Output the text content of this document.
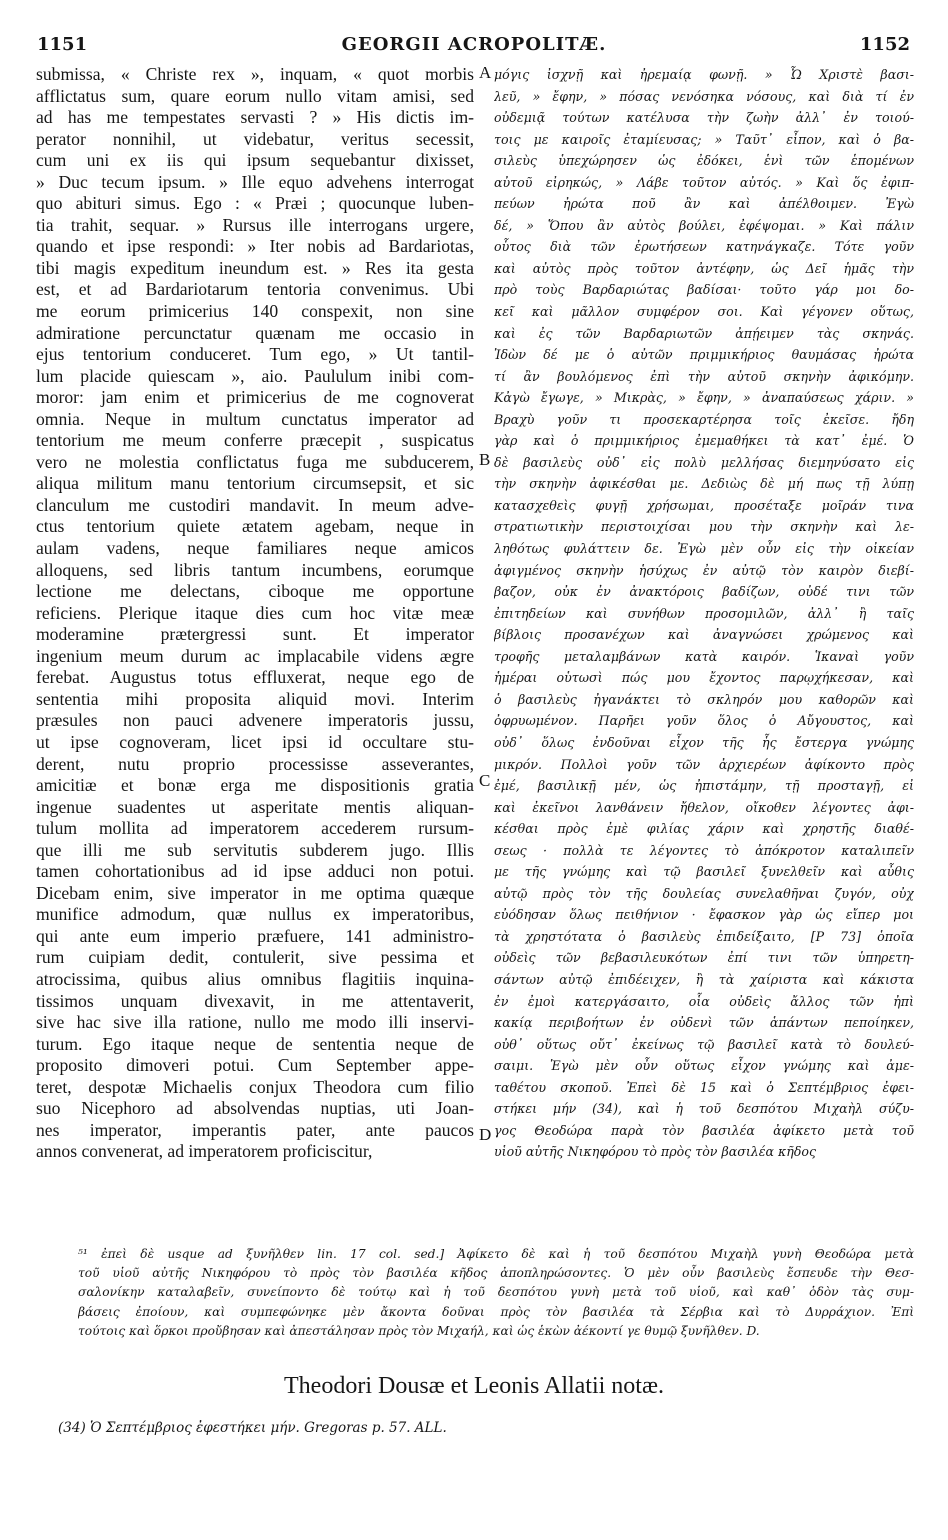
1151	GEORGII ACROPOLITÆ.	1152
submissa, « Christe rex », inquam, « quot morbis
afflictatus sum, quare eorum nullo vitam amisi, sed
ad has me tempestates servasti ? » His dictis im-
perator nonnihil, ut videbatur, veritus secessit,
cum uni ex iis qui ipsum sequebantur dixisset,
» Duc tecum ipsum. » Ille equo advehens interrogat
quo abituri simus. Ego : « Præi ; quocunque luben-
tia trahit, sequar. » Rursus ille interrogans urgere,
quando et ipse respondi: » Iter nobis ad Bardariotas,
tibi magis expeditum ineundum est. » Res ita gesta
est, et ad Bardariotarum tentoria convenimus. Ubi
me eorum primicerius 140 conspexit, non sine
admiratione percunctatur quænam me occasio in
ejus tentorium conduceret. Tum ego, » Ut tantil-
lum placide quiescam », aio. Paululum inibi com-
moror: jam enim et primicerius de me cognoverat
omnia. Neque in multum cunctatus imperator ad
tentorium me meum conferre præcepit , suspicatus
vero ne molestia conflictatus fuga me subducerem,
aliqua militum manu tentorium circumsepsit, et sic
clanculum me custodiri mandavit. In meum adve-
ctus tentorium quiete ætatem agebam, neque in
aulam vadens, neque familiares neque amicos
alloquens, sed libris tantum incumbens, eorumque
lectione me delectans, ciboque me opportune
reficiens. Plerique itaque dies cum hoc vitæ meæ
moderamine prætergressi sunt. Et imperator
ingenium meum durum ac implacabile videns ægre
ferebat. Augustus totus effluxerat, neque ego de
sententia mihi proposita aliquid movi. Interim
præsules non pauci advenere imperatoris jussu,
ut ipse cognoveram, licet ipsi id occultare stu-
derent, nutu proprio processisse asseverantes,
amicitiæ et bonæ erga me dispositionis gratia
ingenue suadentes ut asperitate mentis aliquan-
tulum mollita ad imperatorem accederem rursum-
que illi me sub servitutis subderem jugo. Illis
tamen cohortationibus ad id ipse adduci non potui.
Dicebam enim, sive imperator in me optima quæque
munifice admodum, quæ nullus ex imperatoribus,
qui ante eum imperio præfuere, 141 administro-
rum cuipiam dedit, contulerit, sive pessima et
atrocissima, quibus alius omnibus flagitiis inquina-
tissimos unquam divexavit, in me attentaverit,
sive hac sive illa ratione, nullo me modo illi inservi-
turum. Ego itaque neque de sententia neque de
proposito dimoveri potui. Cum September appe-
teret, despotæ Michaelis conjux Theodora cum filio
suo Nicephoro ad absolvendas nuptias, uti Joan-
nes imperator, imperantis pater, ante paucos
annos convenerat, ad imperatorem proficiscitur,
μόγις ἰσχνῇ καὶ ἠρεμαίᾳ φωνῇ. » Ὦ Χριστὲ βασι-
λεῦ, » ἔφην, » πόσας νενόσηκα νόσους, καὶ διὰ τί ἐν
οὐδεμιᾷ τούτων κατέλυσα τὴν ζωὴν ἀλλ᾽ ἐν τοιού-
τοις με καιροῖς ἐταμίευσας; » Ταῦτ᾽ εἶπον, καὶ ὁ βα-
σιλεὺς ὑπεχώρησεν ὡς ἐδόκει, ἑνὶ τῶν ἑπομένων
αὐτοῦ εἰρηκώς, » Λάβε τοῦτον αὐτός. » Καὶ ὅς ἐφιπ-
πεύων ἠρώτα ποῦ ἂν καὶ ἀπέλθοιμεν. Ἐγὼ
δέ, » Ὅπου ἂν αὐτὸς βούλει, ἐφέψομαι. » Καὶ πάλιν
οὗτος διὰ τῶν ἐρωτήσεων κατηνάγκαζε. Τότε γοῦν
καὶ αὐτὸς πρὸς τοῦτον ἀντέφην, ὡς Δεῖ ἡμᾶς τὴν
πρὸ τοὺς Βαρδαριώτας βαδίσαι· τοῦτο γάρ μοι δο-
κεῖ καὶ μᾶλλον συμφέρον σοι. Καὶ γέγονεν οὕτως,
καὶ ἐς τῶν Βαρδαριωτῶν ἀπῄειμεν τὰς σκηνάς.
Ἰδὼν δέ με ὁ αὐτῶν πριμμικήριος θαυμάσας ἠρώτα
τί ἂν βουλόμενος ἐπὶ τὴν αὐτοῦ σκηνὴν ἀφικόμην.
Κἀγὼ ἔγωγε, » Μικρὰς, » ἔφην, » ἀναπαύσεως χάριν. »
Βραχὺ γοῦν τι προσεκαρτέρησα τοῖς ἐκεῖσε. ἤδη
γὰρ καὶ ὁ πριμμικήριος ἐμεμαθήκει τὰ κατ᾽ ἐμέ. Ὁ
δὲ βασιλεὺς οὐδ᾽ εἰς πολὺ μελλήσας διεμηνύσατο εἰς
τὴν σκηνὴν ἀφικέσθαι με. Δεδιὼς δὲ μή πως τῇ λύπῃ
κατασχεθεὶς φυγῇ χρήσωμαι, προσέταξε μοῖράν τινα
στρατιωτικὴν περιστοιχίσαι μου τὴν σκηνὴν καὶ λε-
ληθότως φυλάττειν δε. Ἐγὼ μὲν οὖν εἰς τὴν οἰκείαν
ἀφιγμένος σκηνὴν ἡσύχως ἐν αὐτῷ τὸν καιρὸν διεβί-
βαζον, οὐκ ἐν ἀνακτόροις βαδίζων, οὐδέ τινι τῶν
ἐπιτηδείων καὶ συνήθων προσομιλῶν, ἀλλ᾽ ἢ ταῖς
βίβλοις προσανέχων καὶ ἀναγνώσει χρώμενος καὶ
τροφῆς μεταλαμβάνων κατὰ καιρόν. Ἱκαναὶ γοῦν
ἡμέραι οὑτωσὶ πώς μου ἔχοντος παρῳχήκεσαν, καὶ
ὁ βασιλεὺς ἠγανάκτει τὸ σκληρόν μου καθορῶν καὶ
ὀφρυωμένον. Παρῆει γοῦν ὅλος ὁ Αὔγουστος, καὶ
οὐδ᾽ ὅλως ἐνδοῦναι εἶχον τῆς ἧς ἔστεργα γνώμης
μικρόν. Πολλοὶ γοῦν τῶν ἀρχιερέων ἀφίκοντο πρὸς
ἐμέ, βασιλικῇ μέν, ὡς ἠπιστάμην, τῇ προσταγῇ, εἰ
καὶ ἐκεῖνοι λανθάνειν ἤθελον, οἴκοθεν λέγοντες ἀφι-
κέσθαι πρὸς ἐμὲ φιλίας χάριν καὶ χρηστῆς διαθέ-
σεως · πολλὰ τε λέγοντες τὸ ἀπόκροτον καταλιπεῖν
με τῆς γνώμης καὶ τῷ βασιλεῖ ξυνελθεῖν καὶ αὖθις
αὐτῷ πρὸς τὸν τῆς δουλείας συνελαθῆναι ζυγόν, οὐχ
εὐόδησαν ὅλως πειθήνιον · ἔφασκον γὰρ ὡς εἴπερ μοι
τὰ χρηστότατα ὁ βασιλεὺς ἐπιδείξαιτο, [P 73] ὁποῖα
οὐδεὶς τῶν βεβασιλευκότων ἐπί τινι τῶν ὑπηρετη-
σάντων αὐτῷ ἐπιδέειχεν, ἢ τὰ χαίριστα καὶ κάκιστα
ἐν ἐμοὶ κατεργάσαιτο, οἷα οὐδεὶς ἄλλος τῶν ἠπὶ
κακίᾳ περιβοήτων ἐν οὐδενὶ τῶν ἁπάντων πεποίηκεν,
οὐθ᾽ οὕτως οὔτ᾽ ἐκείνως τῷ βασιλεῖ κατὰ τὸ δουλεύ-
σαιμι. Ἐγὼ μὲν οὖν οὕτως εἶχον γνώμης καὶ ἀμε-
ταθέτου σκοποῦ. Ἐπεὶ δὲ 15 καὶ ὁ Σεπτέμβριος ἐφει-
στήκει μήν (34), καὶ ἡ τοῦ δεσπότου Μιχαὴλ σύζυ-
γος Θεοδώρα παρὰ τὸν βασιλέα ἀφίκετο μετὰ τοῦ
υἱοῦ αὐτῆς Νικηφόρου τὸ πρὸς τὸν βασιλέα κῆδος
A
B
C
D
⁵¹ ἐπεὶ δὲ usque ad ξυνῆλθεν lin. 17 col. sed.] Ἀφίκετο δὲ καὶ ἡ τοῦ δεσπότου Μιχαὴλ γυνὴ Θεοδώρα μετὰ
τοῦ υἱοῦ αὐτῆς Νικηφόρου τὸ πρὸς τὸν βασιλέα κῆδος ἀποπληρώσοντες. Ὁ μὲν οὖν βασιλεὺς ἔσπευδε τὴν Θεσ-
σαλονίκην καταλαβεῖν, συνείποντο δὲ τούτῳ καὶ ἡ τοῦ δεσπότου γυνὴ μετὰ τοῦ υἱοῦ, καὶ καθ᾽ ὁδὸν τὰς συμ-
βάσεις ἐποίουν, καὶ συμπεφώνηκε μὲν ἄκοντα δοῦναι πρὸς τὸν βασιλέα τὰ Σέρβια καὶ τὸ Δυρράχιον. Ἐπὶ
τούτοις καὶ ὅρκοι προὔβησαν καὶ ἀπεστάλησαν πρὸς τὸν Μιχαήλ, καὶ ὡς ἑκὼν ἀέκοντί γε θυμῷ ξυνῆλθεν. D.
Theodori Dousæ et Leonis Allatii notæ.
(34) Ὁ Σεπτέμβριος ἐφεστήκει μήν. Gregoras p. 57. ALL.
